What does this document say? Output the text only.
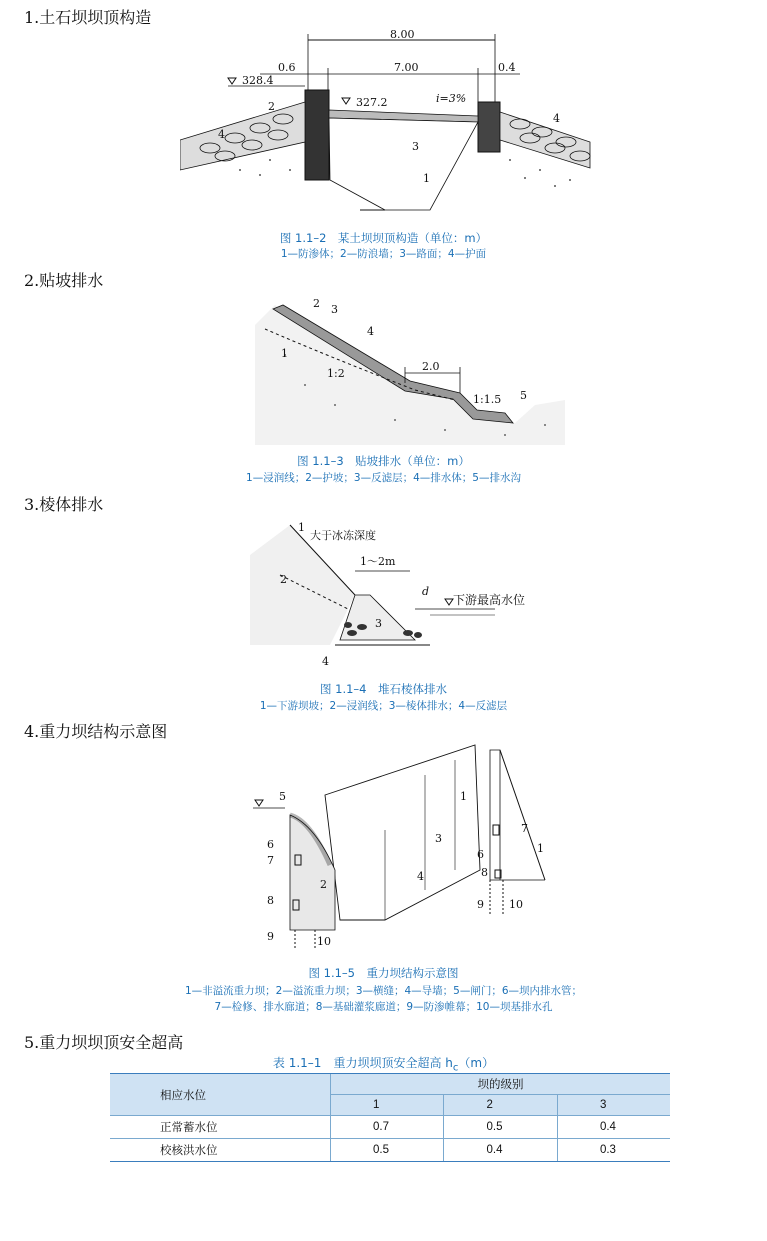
1.土石坝坝顶构造
8.00
0.6	7.00	0.4
328.4
327.2	i=3%
2
4
4
3
1
图 1.1–2　某土坝坝顶构造（单位：m）
1—防渗体；2—防浪墙；3—路面；4—护面
2.贴坡排水
2.0
1:2
1:1.5
1
2 3
4
5
图 1.1–3　贴坡排水（单位：m）
1—浸润线；2—护坡；3—反滤层；4—排水体；5—排水沟
3.棱体排水
下游最高水位
1～2m
大于冰冻深度
d
1
2
3
4
图 1.1–4　堆石棱体排水
1—下游坝坡；2—浸润线；3—棱体排水；4—反滤层
4.重力坝结构示意图
1
2
3
4
5
6
7
8
9	10
1
6
7
8
9 10
图 1.1–5　重力坝结构示意图
1—非溢流重力坝；2—溢流重力坝；3—横缝；4—导墙；5—闸门；6—坝内排水管；
7—检修、排水廊道；8—基础灌浆廊道；9—防渗帷幕；10—坝基排水孔
5.重力坝坝顶安全超高
表 1.1–1　重力坝坝顶安全超高 $h_c(m)$
相应水位	坝的级别		
	1	2	3
正常蓄水位	0.7	0.5	0.4
校核洪水位	0.5	0.4	0.3
